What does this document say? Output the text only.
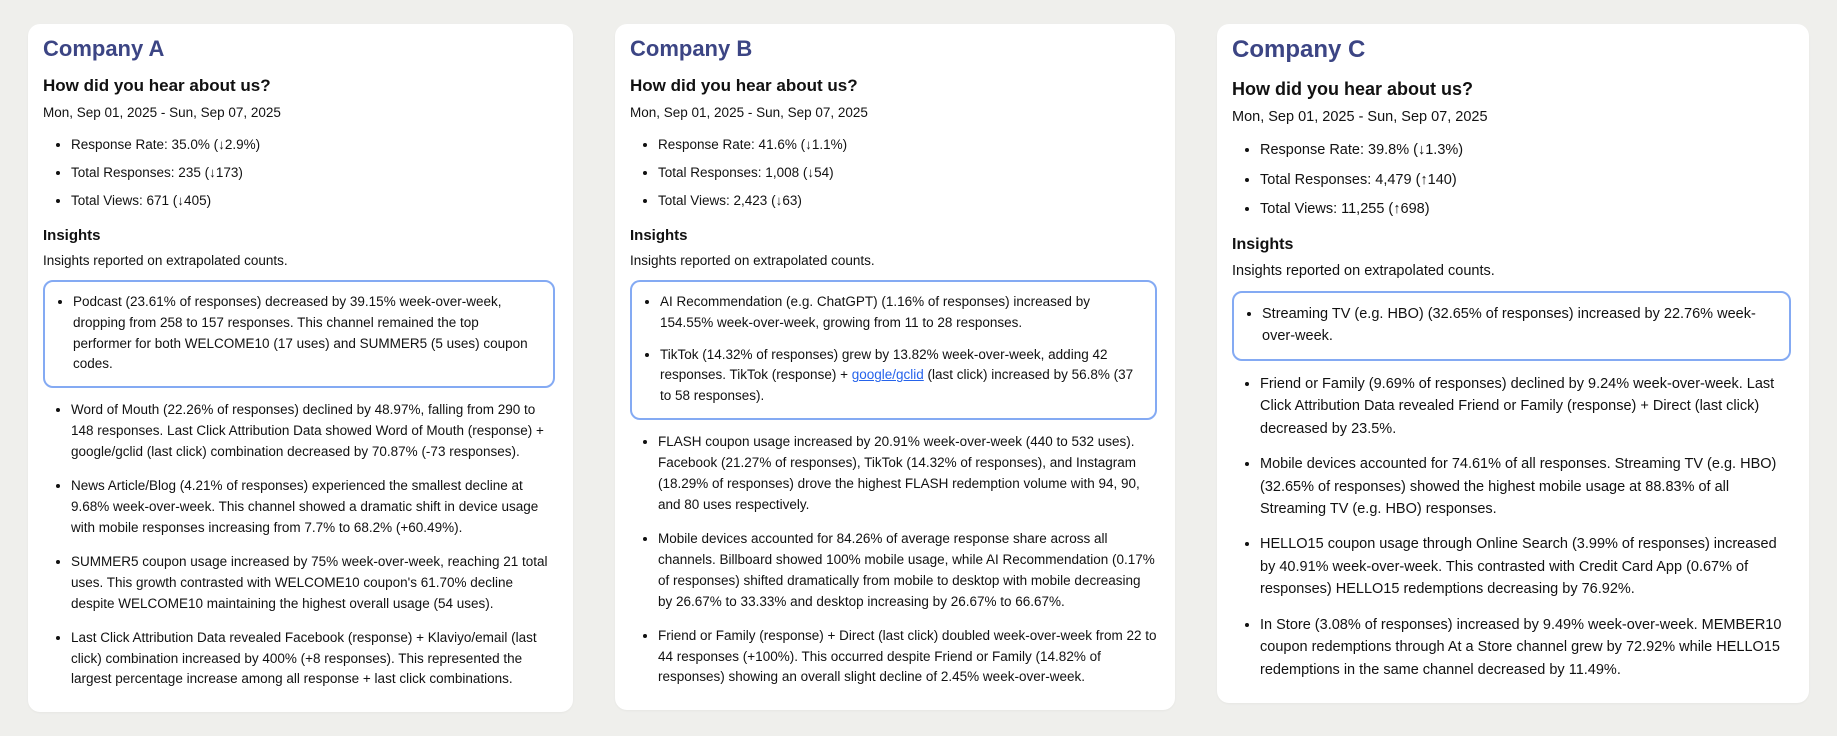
Company A
How did you hear about us?
Mon, Sep 01, 2025 - Sun, Sep 07, 2025
• Response Rate: 35.0% (↓2.9%)
• Total Responses: 235 (↓173)
• Total Views: 671 (↓405)
Insights
Insights reported on extrapolated counts.
• Podcast (23.61% of responses) decreased by 39.15% week-over-week, dropping from 258 to 157 responses. This channel remained the top performer for both WELCOME10 (17 uses) and SUMMER5 (5 uses) coupon codes.
• Word of Mouth (22.26% of responses) declined by 48.97%, falling from 290 to 148 responses. Last Click Attribution Data showed Word of Mouth (response) + google/gclid (last click) combination decreased by 70.87% (-73 responses).
• News Article/Blog (4.21% of responses) experienced the smallest decline at 9.68% week-over-week. This channel showed a dramatic shift in device usage with mobile responses increasing from 7.7% to 68.2% (+60.49%).
• SUMMER5 coupon usage increased by 75% week-over-week, reaching 21 total uses. This growth contrasted with WELCOME10 coupon's 61.70% decline despite WELCOME10 maintaining the highest overall usage (54 uses).
• Last Click Attribution Data revealed Facebook (response) + Klaviyo/email (last click) combination increased by 400% (+8 responses). This represented the largest percentage increase among all response + last click combinations.
Company B
How did you hear about us?
Mon, Sep 01, 2025 - Sun, Sep 07, 2025
• Response Rate: 41.6% (↓1.1%)
• Total Responses: 1,008 (↓54)
• Total Views: 2,423 (↓63)
Insights
Insights reported on extrapolated counts.
• AI Recommendation (e.g. ChatGPT) (1.16% of responses) increased by 154.55% week-over-week, growing from 11 to 28 responses.
• TikTok (14.32% of responses) grew by 13.82% week-over-week, adding 42 responses. TikTok (response) + google/gclid (last click) increased by 56.8% (37 to 58 responses).
• FLASH coupon usage increased by 20.91% week-over-week (440 to 532 uses). Facebook (21.27% of responses), TikTok (14.32% of responses), and Instagram (18.29% of responses) drove the highest FLASH redemption volume with 94, 90, and 80 uses respectively.
• Mobile devices accounted for 84.26% of average response share across all channels. Billboard showed 100% mobile usage, while AI Recommendation (0.17% of responses) shifted dramatically from mobile to desktop with mobile decreasing by 26.67% to 33.33% and desktop increasing by 26.67% to 66.67%.
• Friend or Family (response) + Direct (last click) doubled week-over-week from 22 to 44 responses (+100%). This occurred despite Friend or Family (14.82% of responses) showing an overall slight decline of 2.45% week-over-week.
Company C
How did you hear about us?
Mon, Sep 01, 2025 - Sun, Sep 07, 2025
• Response Rate: 39.8% (↓1.3%)
• Total Responses: 4,479 (↑140)
• Total Views: 11,255 (↑698)
Insights
Insights reported on extrapolated counts.
• Streaming TV (e.g. HBO) (32.65% of responses) increased by 22.76% week-over-week.
• Friend or Family (9.69% of responses) declined by 9.24% week-over-week. Last Click Attribution Data revealed Friend or Family (response) + Direct (last click) decreased by 23.5%.
• Mobile devices accounted for 74.61% of all responses. Streaming TV (e.g. HBO) (32.65% of responses) showed the highest mobile usage at 88.83% of all Streaming TV (e.g. HBO) responses.
• HELLO15 coupon usage through Online Search (3.99% of responses) increased by 40.91% week-over-week. This contrasted with Credit Card App (0.67% of responses) HELLO15 redemptions decreasing by 76.92%.
• In Store (3.08% of responses) increased by 9.49% week-over-week. MEMBER10 coupon redemptions through At a Store channel grew by 72.92% while HELLO15 redemptions in the same channel decreased by 11.49%.
